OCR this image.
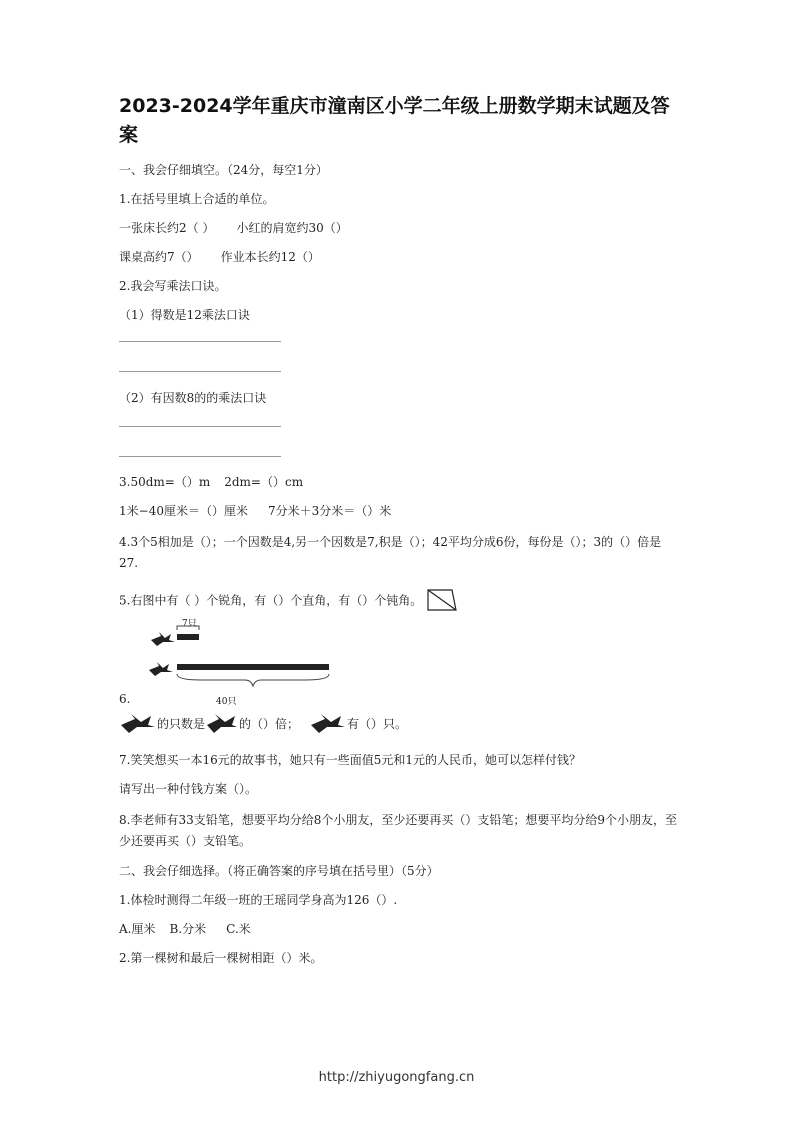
2023-2024学年重庆市潼南区小学二年级上册数学期末试题及答案

一、我会仔细填空。（24分，每空1分）

1.在括号里填上合适的单位。

一张床长约2（ ） 小红的肩宽约30（）

课桌高约7（） 作业本长约12（）

2.我会写乘法口诀。

（1）得数是12乘法口诀

（2）有因数8的的乘法口诀

3.50dm=（）m 2dm=（）cm

1米−40厘米＝（）厘米 7分米＋3分米＝（）米

4.3个5相加是（）；一个因数是4,另一个因数是7,积是（）；42平均分成6份，每份是（）；3的（）倍是27.

5.右图中有（ ）个锐角，有（）个直角，有（）个钝角。

7只
40只
6.

的只数是	的（）倍；	有（）只。

7.笑笑想买一本16元的故事书，她只有一些面值5元和1元的人民币，她可以怎样付钱？

请写出一种付钱方案（）。

8.李老师有33支铅笔，想要平均分给8个小朋友，至少还要再买（）支铅笔；想要平均分给9个小朋友，至少还要再买（）支铅笔。

二、我会仔细选择。（将正确答案的序号填在括号里）（5分）

1.体检时测得二年级一班的王瑶同学身高为126（）.

A.厘米 B.分米 C.米

2.第一棵树和最后一棵树相距（）米。

http://zhiyugongfang.cn
